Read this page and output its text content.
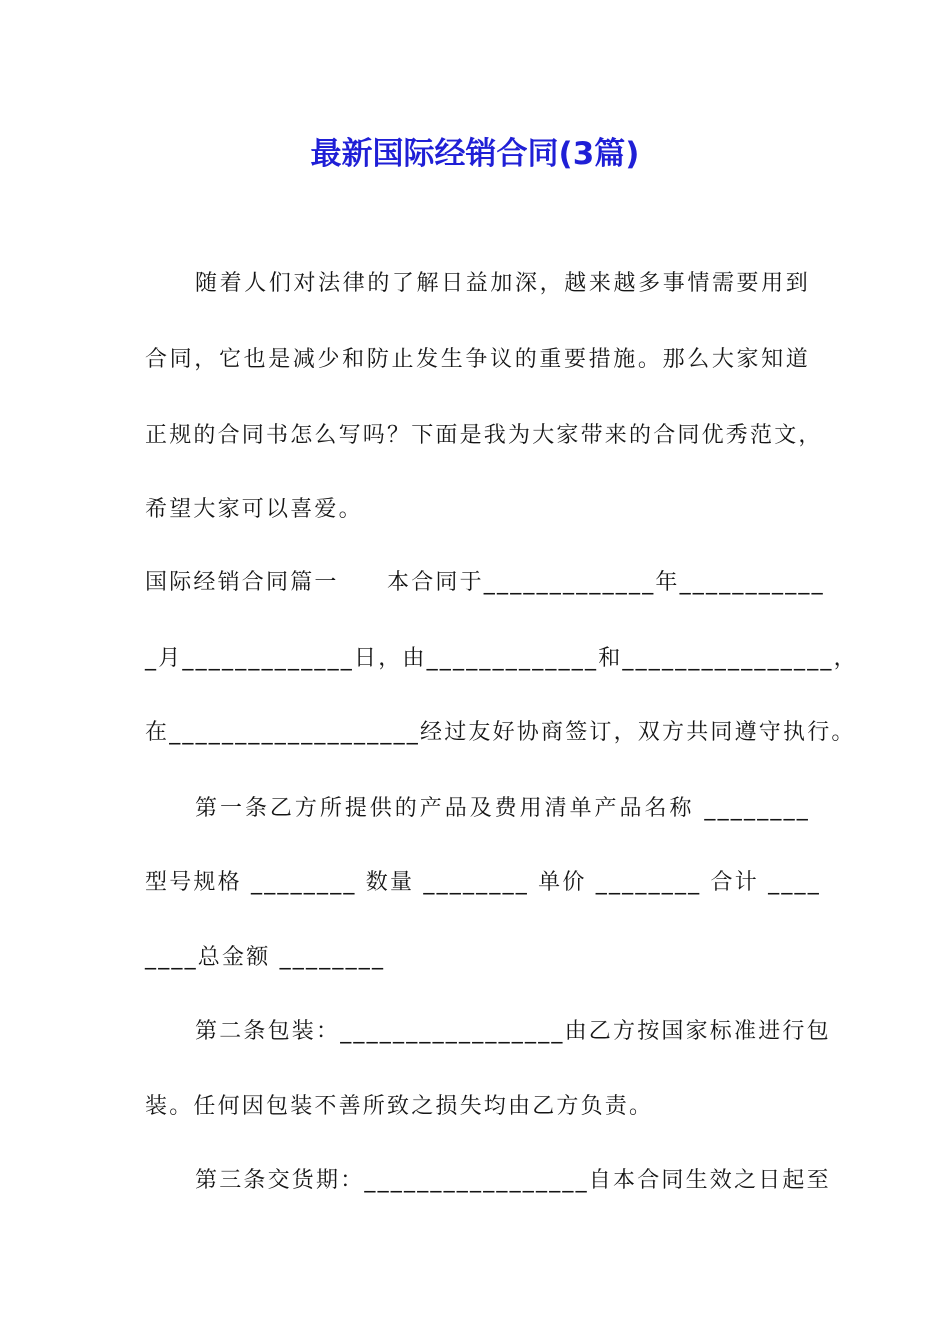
最新国际经销合同(3篇)
随着人们对法律的了解日益加深，越来越多事情需要用到
合同，它也是减少和防止发生争议的重要措施。那么大家知道
正规的合同书怎么写吗？下面是我为大家带来的合同优秀范文，
希望大家可以喜爱。
国际经销合同篇一　　本合同于_____________年___________
_月_____________日，由_____________和________________，
在___________________经过友好协商签订，双方共同遵守执行。
第一条乙方所提供的产品及费用清单产品名称 ________
型号规格 ________ 数量 ________ 单价 ________ 合计 ____
____总金额 ________
第二条包装：_________________由乙方按国家标准进行包
装。任何因包装不善所致之损失均由乙方负责。
第三条交货期：_________________自本合同生效之日起至
